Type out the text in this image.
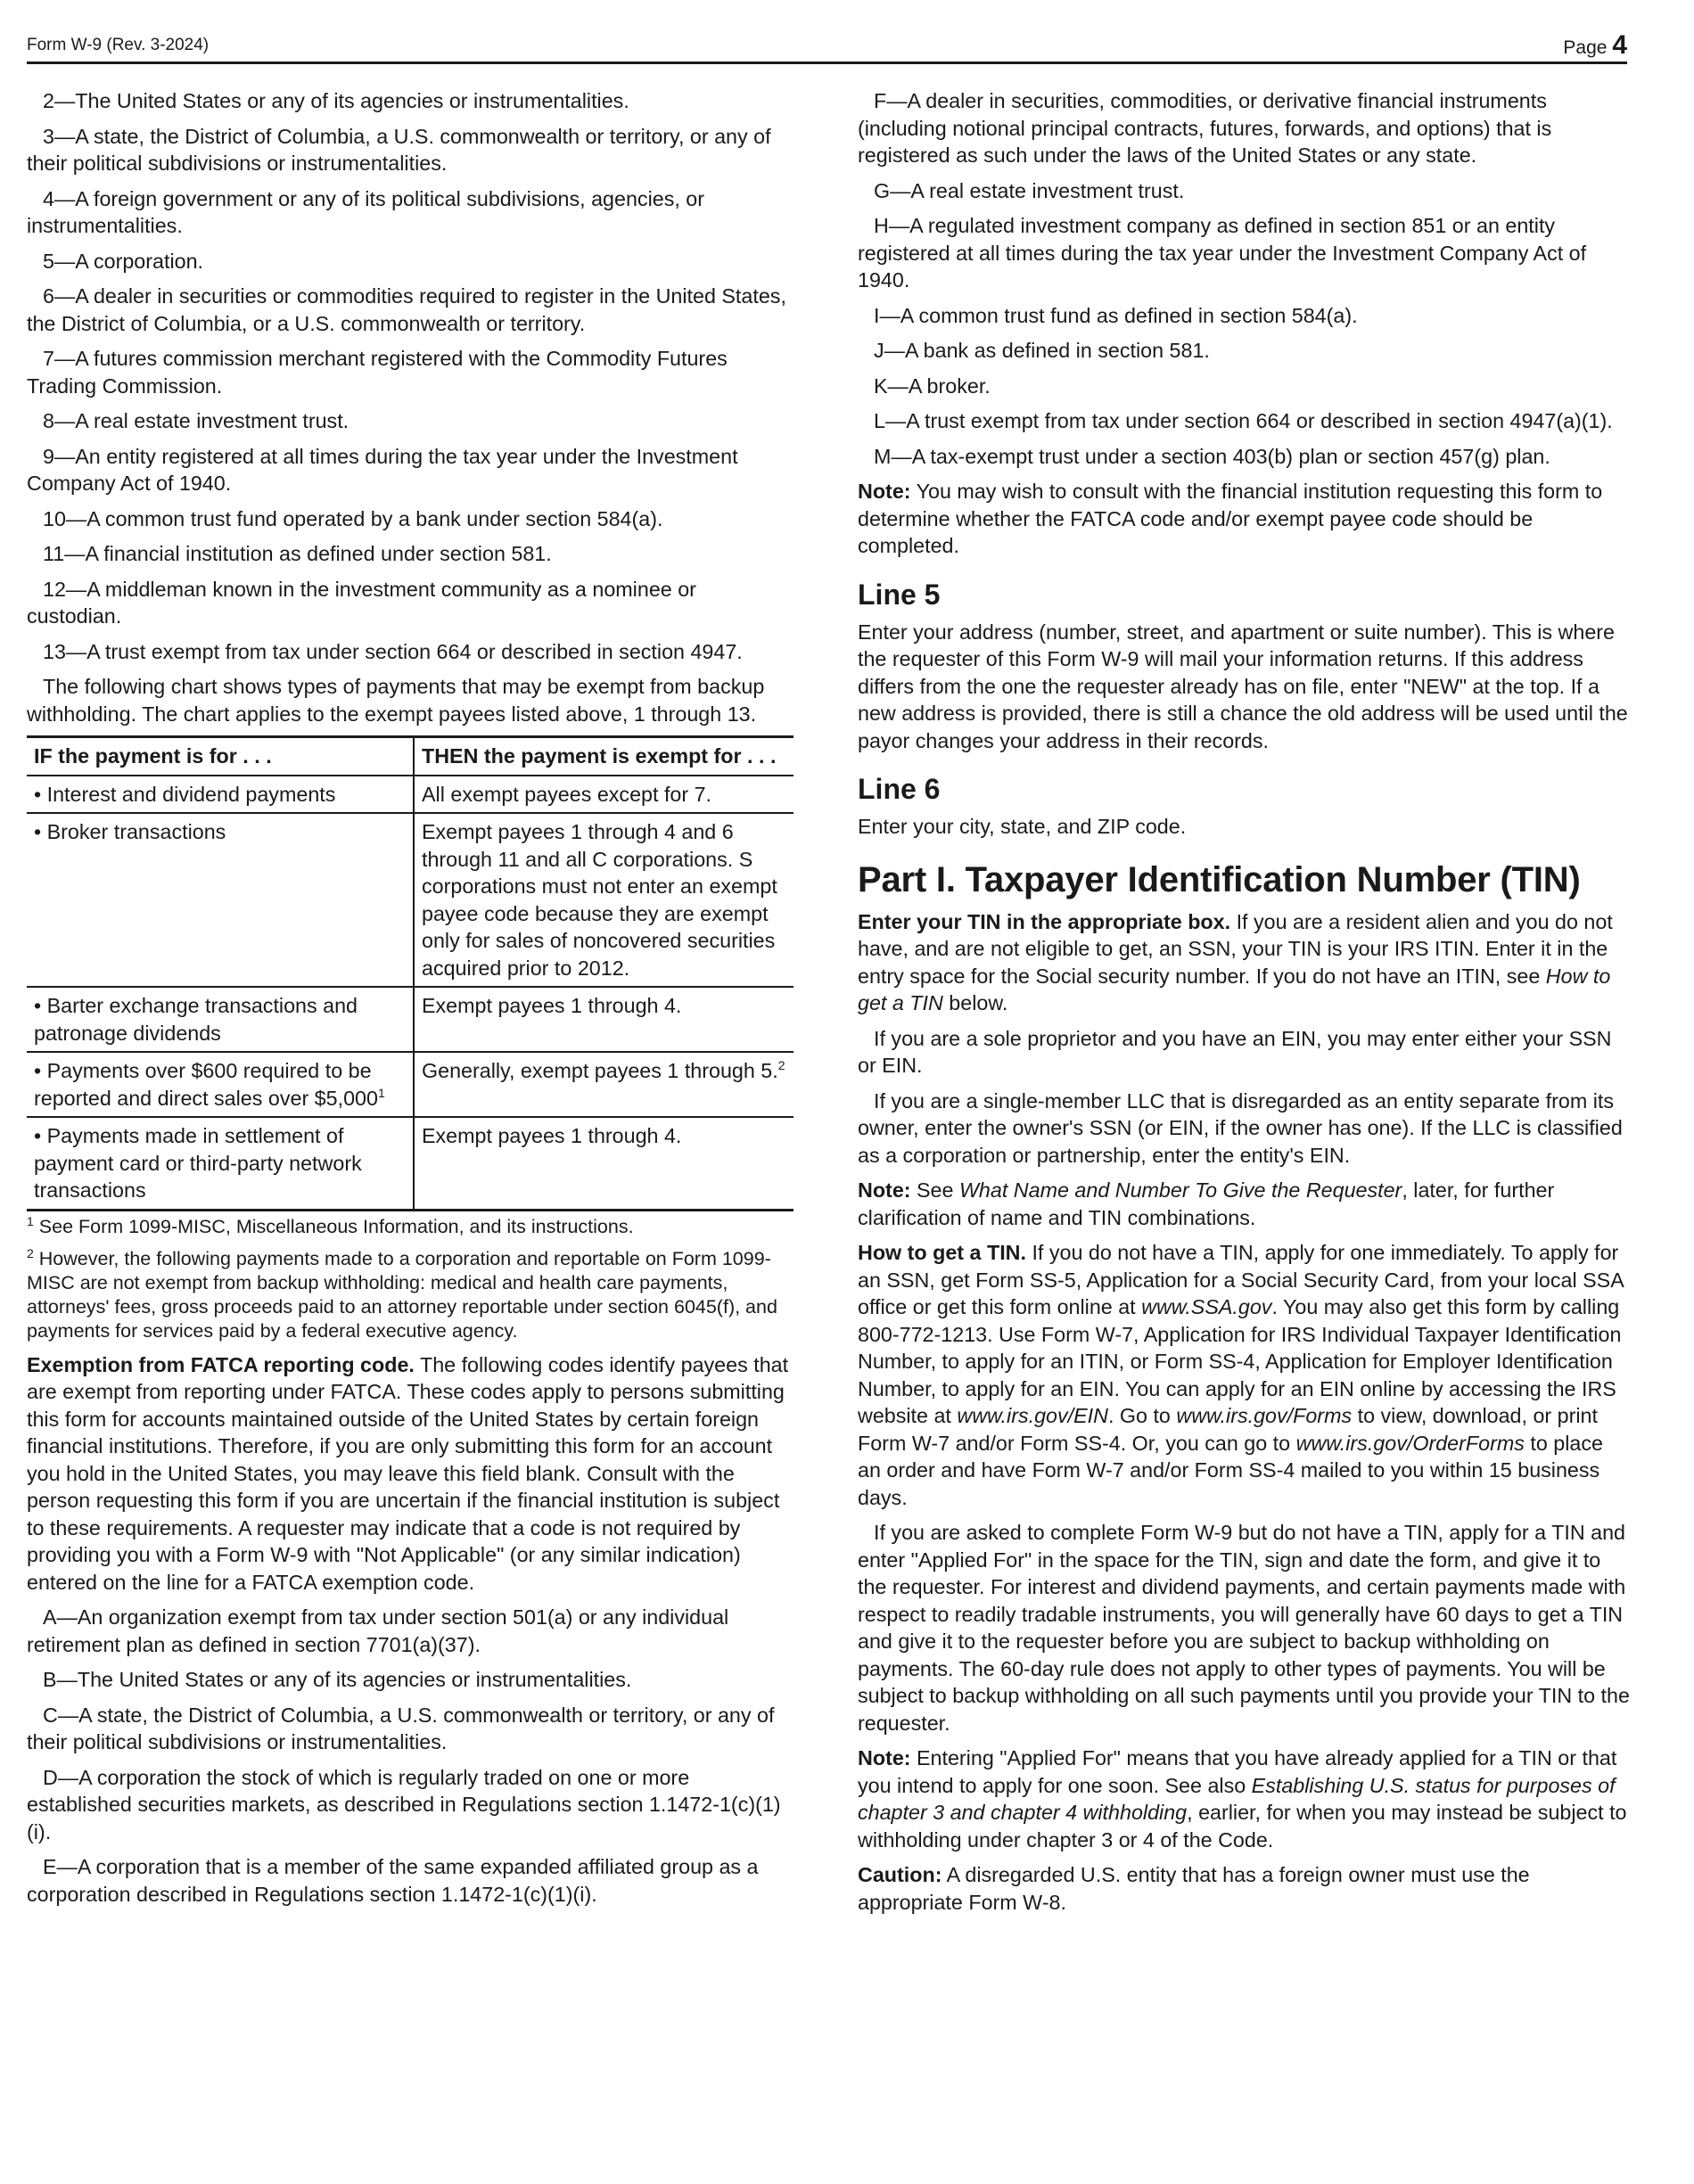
Form W-9 (Rev. 3-2024)	Page 4

2—The United States or any of its agencies or instrumentalities.

3—A state, the District of Columbia, a U.S. commonwealth or territory, or any of their political subdivisions or instrumentalities.

4—A foreign government or any of its political subdivisions, agencies, or instrumentalities.

5—A corporation.

6—A dealer in securities or commodities required to register in the United States, the District of Columbia, or a U.S. commonwealth or territory.

7—A futures commission merchant registered with the Commodity Futures Trading Commission.

8—A real estate investment trust.

9—An entity registered at all times during the tax year under the Investment Company Act of 1940.

10—A common trust fund operated by a bank under section 584(a).

11—A financial institution as defined under section 581.

12—A middleman known in the investment community as a nominee or custodian.

13—A trust exempt from tax under section 664 or described in section 4947.

The following chart shows types of payments that may be exempt from backup withholding. The chart applies to the exempt payees listed above, 1 through 13.

IF the payment is for . . .	THEN the payment is exempt for . . .
• Interest and dividend payments	All exempt payees except for 7.
• Broker transactions	Exempt payees 1 through 4 and 6 through 11 and all C corporations. S corporations must not enter an exempt payee code because they are exempt only for sales of noncovered securities acquired prior to 2012.
• Barter exchange transactions and patronage dividends	Exempt payees 1 through 4.
• Payments over $600 required to be reported and direct sales over $5,000$^1$	Generally, exempt payees 1 through 5.$^2$
• Payments made in settlement of payment card or third-party network transactions	Exempt payees 1 through 4.

$^1$ See Form 1099-MISC, Miscellaneous Information, and its instructions.

$^2$ However, the following payments made to a corporation and reportable on Form 1099-MISC are not exempt from backup withholding: medical and health care payments, attorneys' fees, gross proceeds paid to an attorney reportable under section 6045(f), and payments for services paid by a federal executive agency.

Exemption from FATCA reporting code. The following codes identify payees that are exempt from reporting under FATCA. These codes apply to persons submitting this form for accounts maintained outside of the United States by certain foreign financial institutions. Therefore, if you are only submitting this form for an account you hold in the United States, you may leave this field blank. Consult with the person requesting this form if you are uncertain if the financial institution is subject to these requirements. A requester may indicate that a code is not required by providing you with a Form W-9 with "Not Applicable" (or any similar indication) entered on the line for a FATCA exemption code.

A—An organization exempt from tax under section 501(a) or any individual retirement plan as defined in section 7701(a)(37).

B—The United States or any of its agencies or instrumentalities.

C—A state, the District of Columbia, a U.S. commonwealth or territory, or any of their political subdivisions or instrumentalities.

D—A corporation the stock of which is regularly traded on one or more established securities markets, as described in Regulations section 1.1472-1(c)(1)(i).

E—A corporation that is a member of the same expanded affiliated group as a corporation described in Regulations section 1.1472-1(c)(1)(i).

F—A dealer in securities, commodities, or derivative financial instruments (including notional principal contracts, futures, forwards, and options) that is registered as such under the laws of the United States or any state.

G—A real estate investment trust.

H—A regulated investment company as defined in section 851 or an entity registered at all times during the tax year under the Investment Company Act of 1940.

I—A common trust fund as defined in section 584(a).

J—A bank as defined in section 581.

K—A broker.

L—A trust exempt from tax under section 664 or described in section 4947(a)(1).

M—A tax-exempt trust under a section 403(b) plan or section 457(g) plan.

Note: You may wish to consult with the financial institution requesting this form to determine whether the FATCA code and/or exempt payee code should be completed.

Line 5

Enter your address (number, street, and apartment or suite number). This is where the requester of this Form W-9 will mail your information returns. If this address differs from the one the requester already has on file, enter "NEW" at the top. If a new address is provided, there is still a chance the old address will be used until the payor changes your address in their records.

Line 6

Enter your city, state, and ZIP code.

Part I. Taxpayer Identification Number (TIN)

Enter your TIN in the appropriate box. If you are a resident alien and you do not have, and are not eligible to get, an SSN, your TIN is your IRS ITIN. Enter it in the entry space for the Social security number. If you do not have an ITIN, see How to get a TIN below.

If you are a sole proprietor and you have an EIN, you may enter either your SSN or EIN.

If you are a single-member LLC that is disregarded as an entity separate from its owner, enter the owner's SSN (or EIN, if the owner has one). If the LLC is classified as a corporation or partnership, enter the entity's EIN.

Note: See What Name and Number To Give the Requester, later, for further clarification of name and TIN combinations.

How to get a TIN. If you do not have a TIN, apply for one immediately. To apply for an SSN, get Form SS-5, Application for a Social Security Card, from your local SSA office or get this form online at www.SSA.gov. You may also get this form by calling 800-772-1213. Use Form W-7, Application for IRS Individual Taxpayer Identification Number, to apply for an ITIN, or Form SS-4, Application for Employer Identification Number, to apply for an EIN. You can apply for an EIN online by accessing the IRS website at www.irs.gov/EIN. Go to www.irs.gov/Forms to view, download, or print Form W-7 and/or Form SS-4. Or, you can go to www.irs.gov/OrderForms to place an order and have Form W-7 and/or Form SS-4 mailed to you within 15 business days.

If you are asked to complete Form W-9 but do not have a TIN, apply for a TIN and enter "Applied For" in the space for the TIN, sign and date the form, and give it to the requester. For interest and dividend payments, and certain payments made with respect to readily tradable instruments, you will generally have 60 days to get a TIN and give it to the requester before you are subject to backup withholding on payments. The 60-day rule does not apply to other types of payments. You will be subject to backup withholding on all such payments until you provide your TIN to the requester.

Note: Entering "Applied For" means that you have already applied for a TIN or that you intend to apply for one soon. See also Establishing U.S. status for purposes of chapter 3 and chapter 4 withholding, earlier, for when you may instead be subject to withholding under chapter 3 or 4 of the Code.

Caution: A disregarded U.S. entity that has a foreign owner must use the appropriate Form W-8.
